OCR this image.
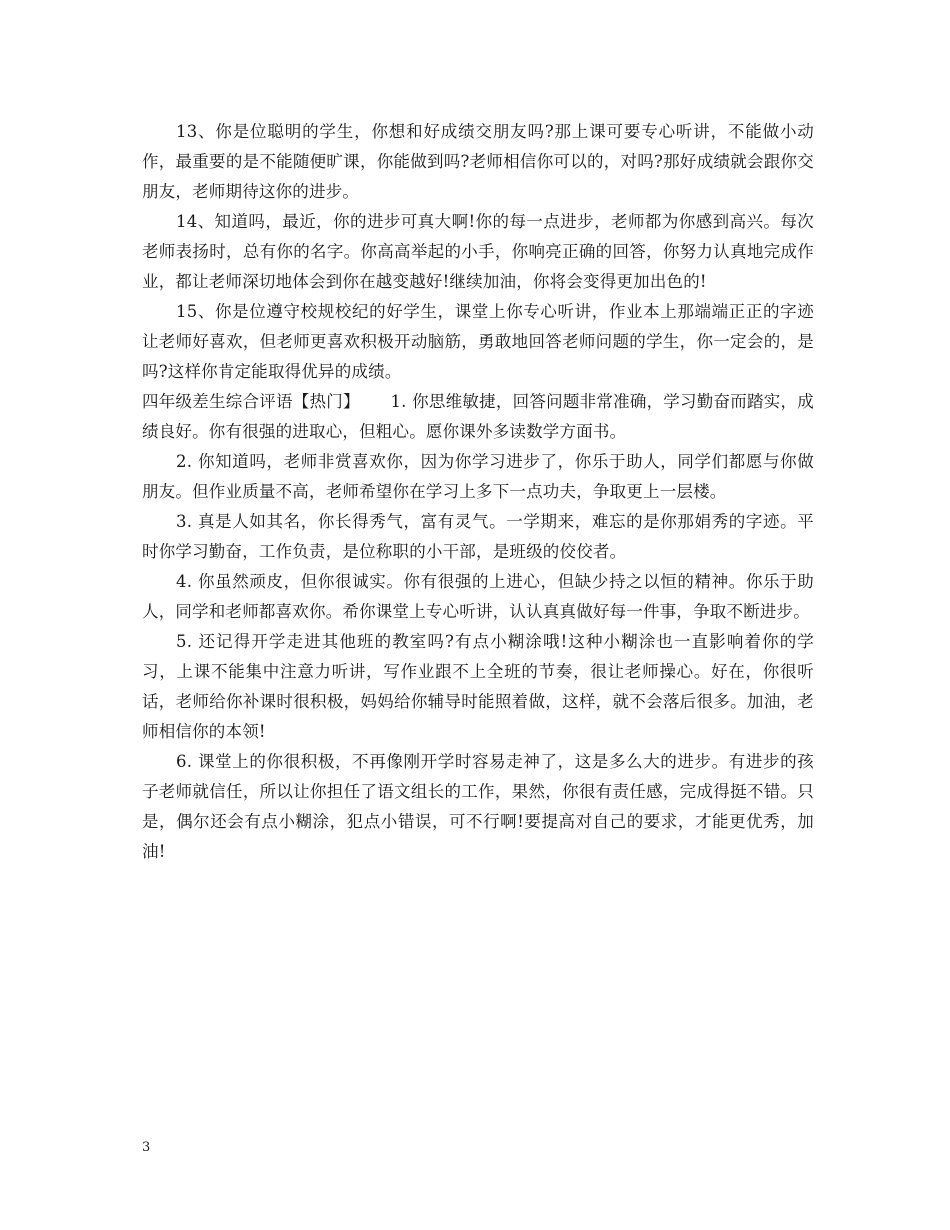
13、你是位聪明的学生，你想和好成绩交朋友吗?那上课可要专心听讲，不能做小动作，最重要的是不能随便旷课，你能做到吗?老师相信你可以的，对吗?那好成绩就会跟你交朋友，老师期待这你的进步。

14、知道吗，最近，你的进步可真大啊!你的每一点进步，老师都为你感到高兴。每次老师表扬时，总有你的名字。你高高举起的小手，你响亮正确的回答，你努力认真地完成作业，都让老师深切地体会到你在越变越好!继续加油，你将会变得更加出色的!

15、你是位遵守校规校纪的好学生，课堂上你专心听讲，作业本上那端端正正的字迹让老师好喜欢，但老师更喜欢积极开动脑筋，勇敢地回答老师问题的学生，你一定会的，是吗?这样你肯定能取得优异的成绩。

四年级差生综合评语【热门】　　 1. 你思维敏捷，回答问题非常准确，学习勤奋而踏实，成绩良好。你有很强的进取心，但粗心。愿你课外多读数学方面书。

2. 你知道吗，老师非赏喜欢你，因为你学习进步了，你乐于助人，同学们都愿与你做朋友。但作业质量不高，老师希望你在学习上多下一点功夫，争取更上一层楼。

3. 真是人如其名，你长得秀气，富有灵气。一学期来，难忘的是你那娟秀的字迹。平时你学习勤奋，工作负责，是位称职的小干部，是班级的佼佼者。

4. 你虽然顽皮，但你很诚实。你有很强的上进心，但缺少持之以恒的精神。你乐于助人，同学和老师都喜欢你。希你课堂上专心听讲，认认真真做好每一件事，争取不断进步。

5. 还记得开学走进其他班的教室吗?有点小糊涂哦!这种小糊涂也一直影响着你的学习，上课不能集中注意力听讲，写作业跟不上全班的节奏，很让老师操心。好在，你很听话，老师给你补课时很积极，妈妈给你辅导时能照着做，这样，就不会落后很多。加油，老师相信你的本领!

6. 课堂上的你很积极，不再像刚开学时容易走神了，这是多么大的进步。有进步的孩子老师就信任，所以让你担任了语文组长的工作，果然，你很有责任感，完成得挺不错。只是，偶尔还会有点小糊涂，犯点小错误，可不行啊!要提高对自己的要求，才能更优秀，加油!

3
